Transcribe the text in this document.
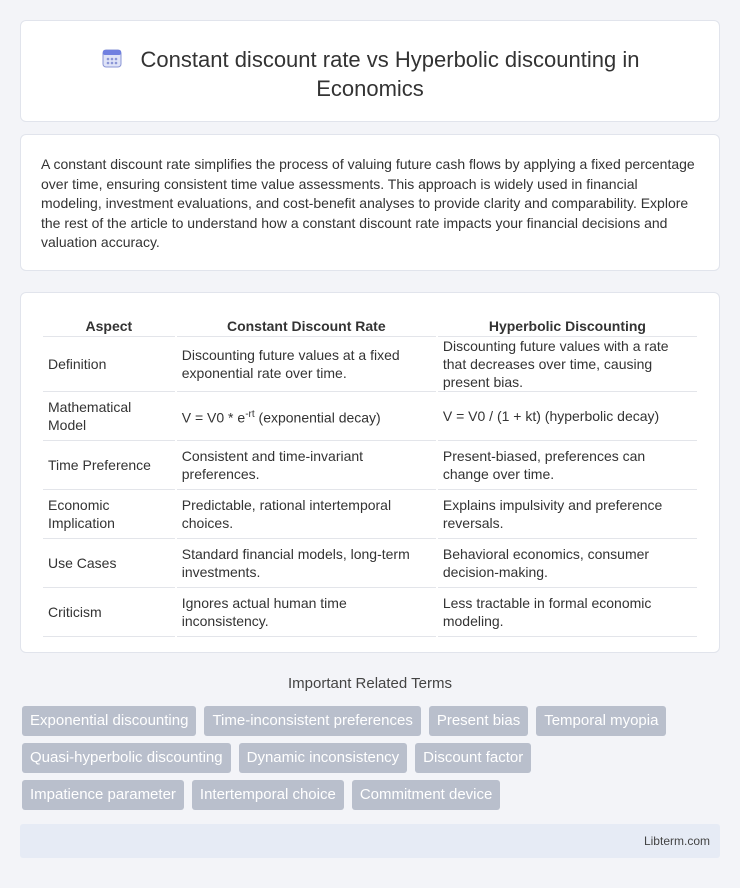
Constant discount rate vs Hyperbolic discounting in Economics

A constant discount rate simplifies the process of valuing future cash flows by applying a fixed percentage over time, ensuring consistent time value assessments. This approach is widely used in financial modeling, investment evaluations, and cost-benefit analyses to provide clarity and comparability. Explore the rest of the article to understand how a constant discount rate impacts your financial decisions and valuation accuracy.

Aspect	Constant Discount Rate	Hyperbolic Discounting
Definition	Discounting future values at a fixed exponential rate over time.	Discounting future values with a rate that decreases over time, causing present bias.
Mathematical Model	$V = V0 * e^{-rt}$ (exponential decay)	V = V0 / (1 + kt) (hyperbolic decay)
Time Preference	Consistent and time-invariant preferences.	Present-biased, preferences can change over time.
Economic Implication	Predictable, rational intertemporal choices.	Explains impulsivity and preference reversals.
Use Cases	Standard financial models, long-term investments.	Behavioral economics, consumer decision-making.
Criticism	Ignores actual human time inconsistency.	Less tractable in formal economic modeling.
Important Related Terms
Exponential discounting	Time-inconsistent preferences	Present bias	Temporal myopia
Quasi-hyperbolic discounting	Dynamic inconsistency	Discount factor
Impatience parameter	Intertemporal choice	Commitment device
Libterm.com
